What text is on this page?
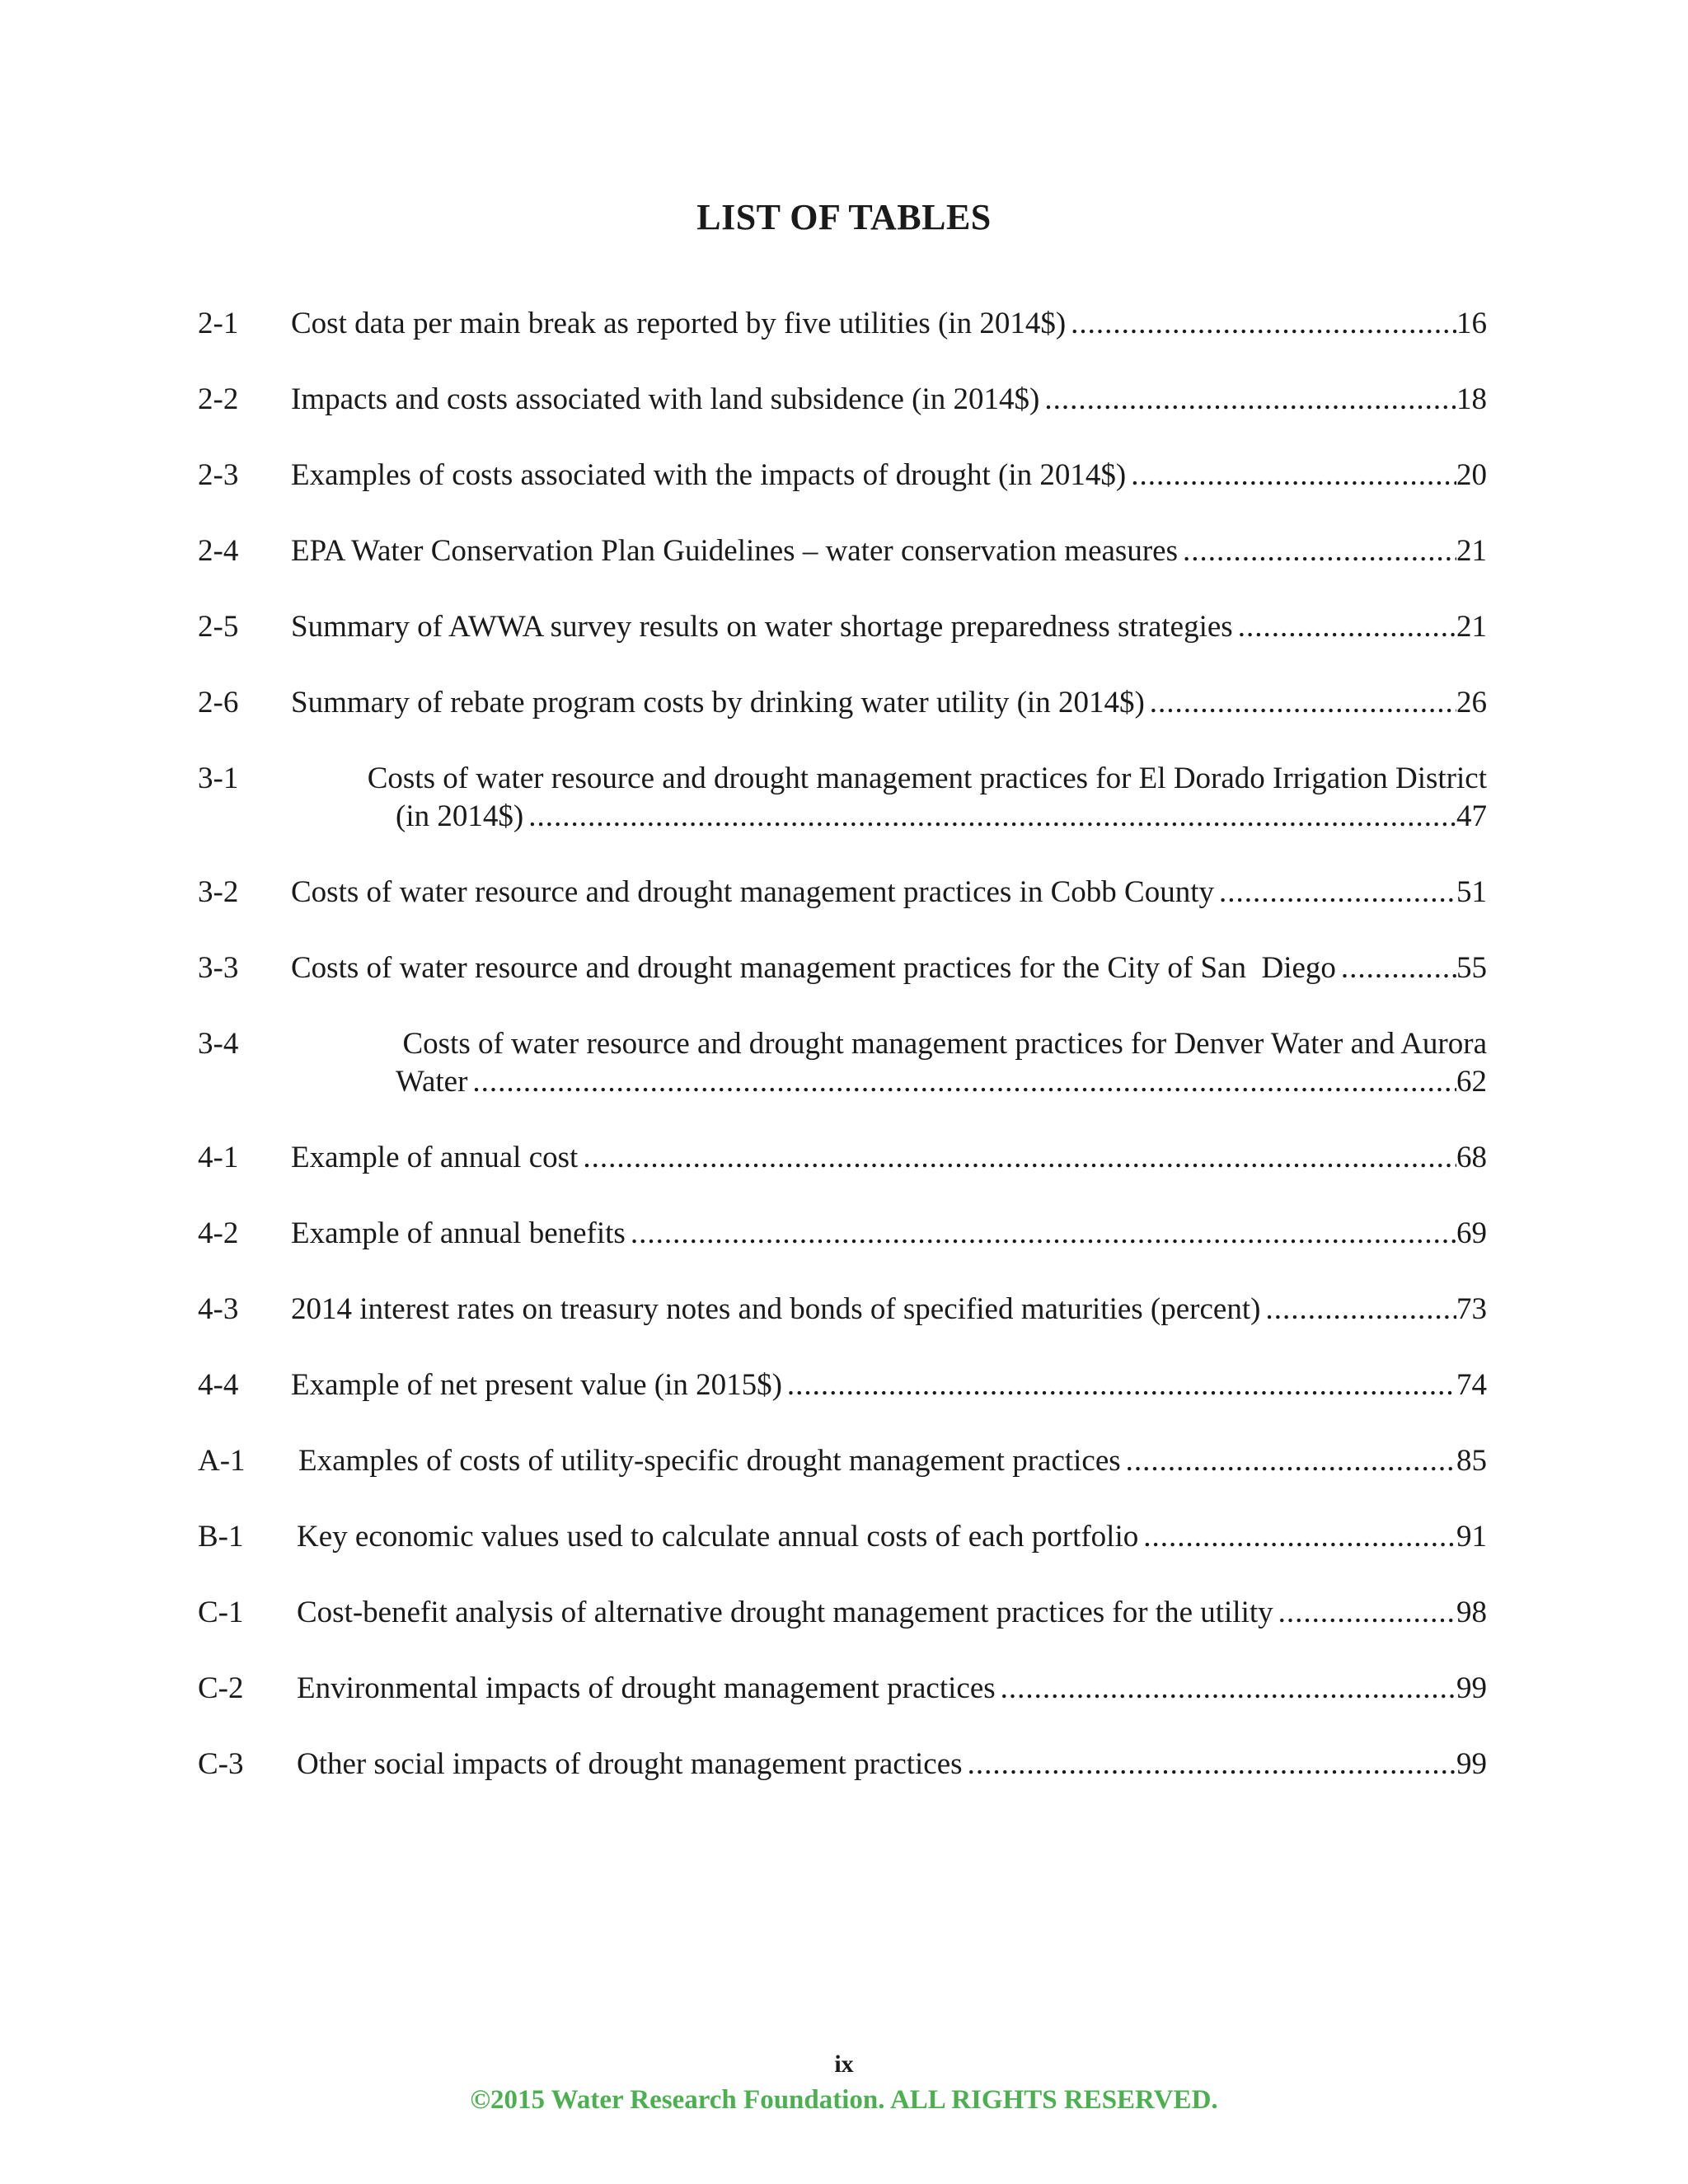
LIST OF TABLES
2-1 Cost data per main break as reported by five utilities (in 2014$) .....	16
2-2 Impacts and costs associated with land subsidence (in 2014$) .....	18
2-3 Examples of costs associated with the impacts of drought (in 2014$) .....	20
2-4 EPA Water Conservation Plan Guidelines – water conservation measures .....	21
2-5 Summary of AWWA survey results on water shortage preparedness strategies .....	21
2-6 Summary of rebate program costs by drinking water utility (in 2014$) .....	26
3-1	Costs of water resource and drought management practices for El Dorado Irrigation District
(in 2014$) .....	47
3-2 Costs of water resource and drought management practices in Cobb County .....	51
3-3 Costs of water resource and drought management practices for the City of San  Diego .....	55
3-4	Costs of water resource and drought management practices for Denver Water and Aurora
Water .....	62
4-1 Example of annual cost .....	68
4-2 Example of annual benefits .....	69
4-3 2014 interest rates on treasury notes and bonds of specified maturities (percent) .....	73
4-4 Example of net present value (in 2015$) .....	74
A-1 Examples of costs of utility-specific drought management practices .....	85
B-1 Key economic values used to calculate annual costs of each portfolio .....	91
C-1 Cost-benefit analysis of alternative drought management practices for the utility .....	98
C-2 Environmental impacts of drought management practices .....	99
C-3 Other social impacts of drought management practices .....	99
ix
©2015 Water Research Foundation. ALL RIGHTS RESERVED.
